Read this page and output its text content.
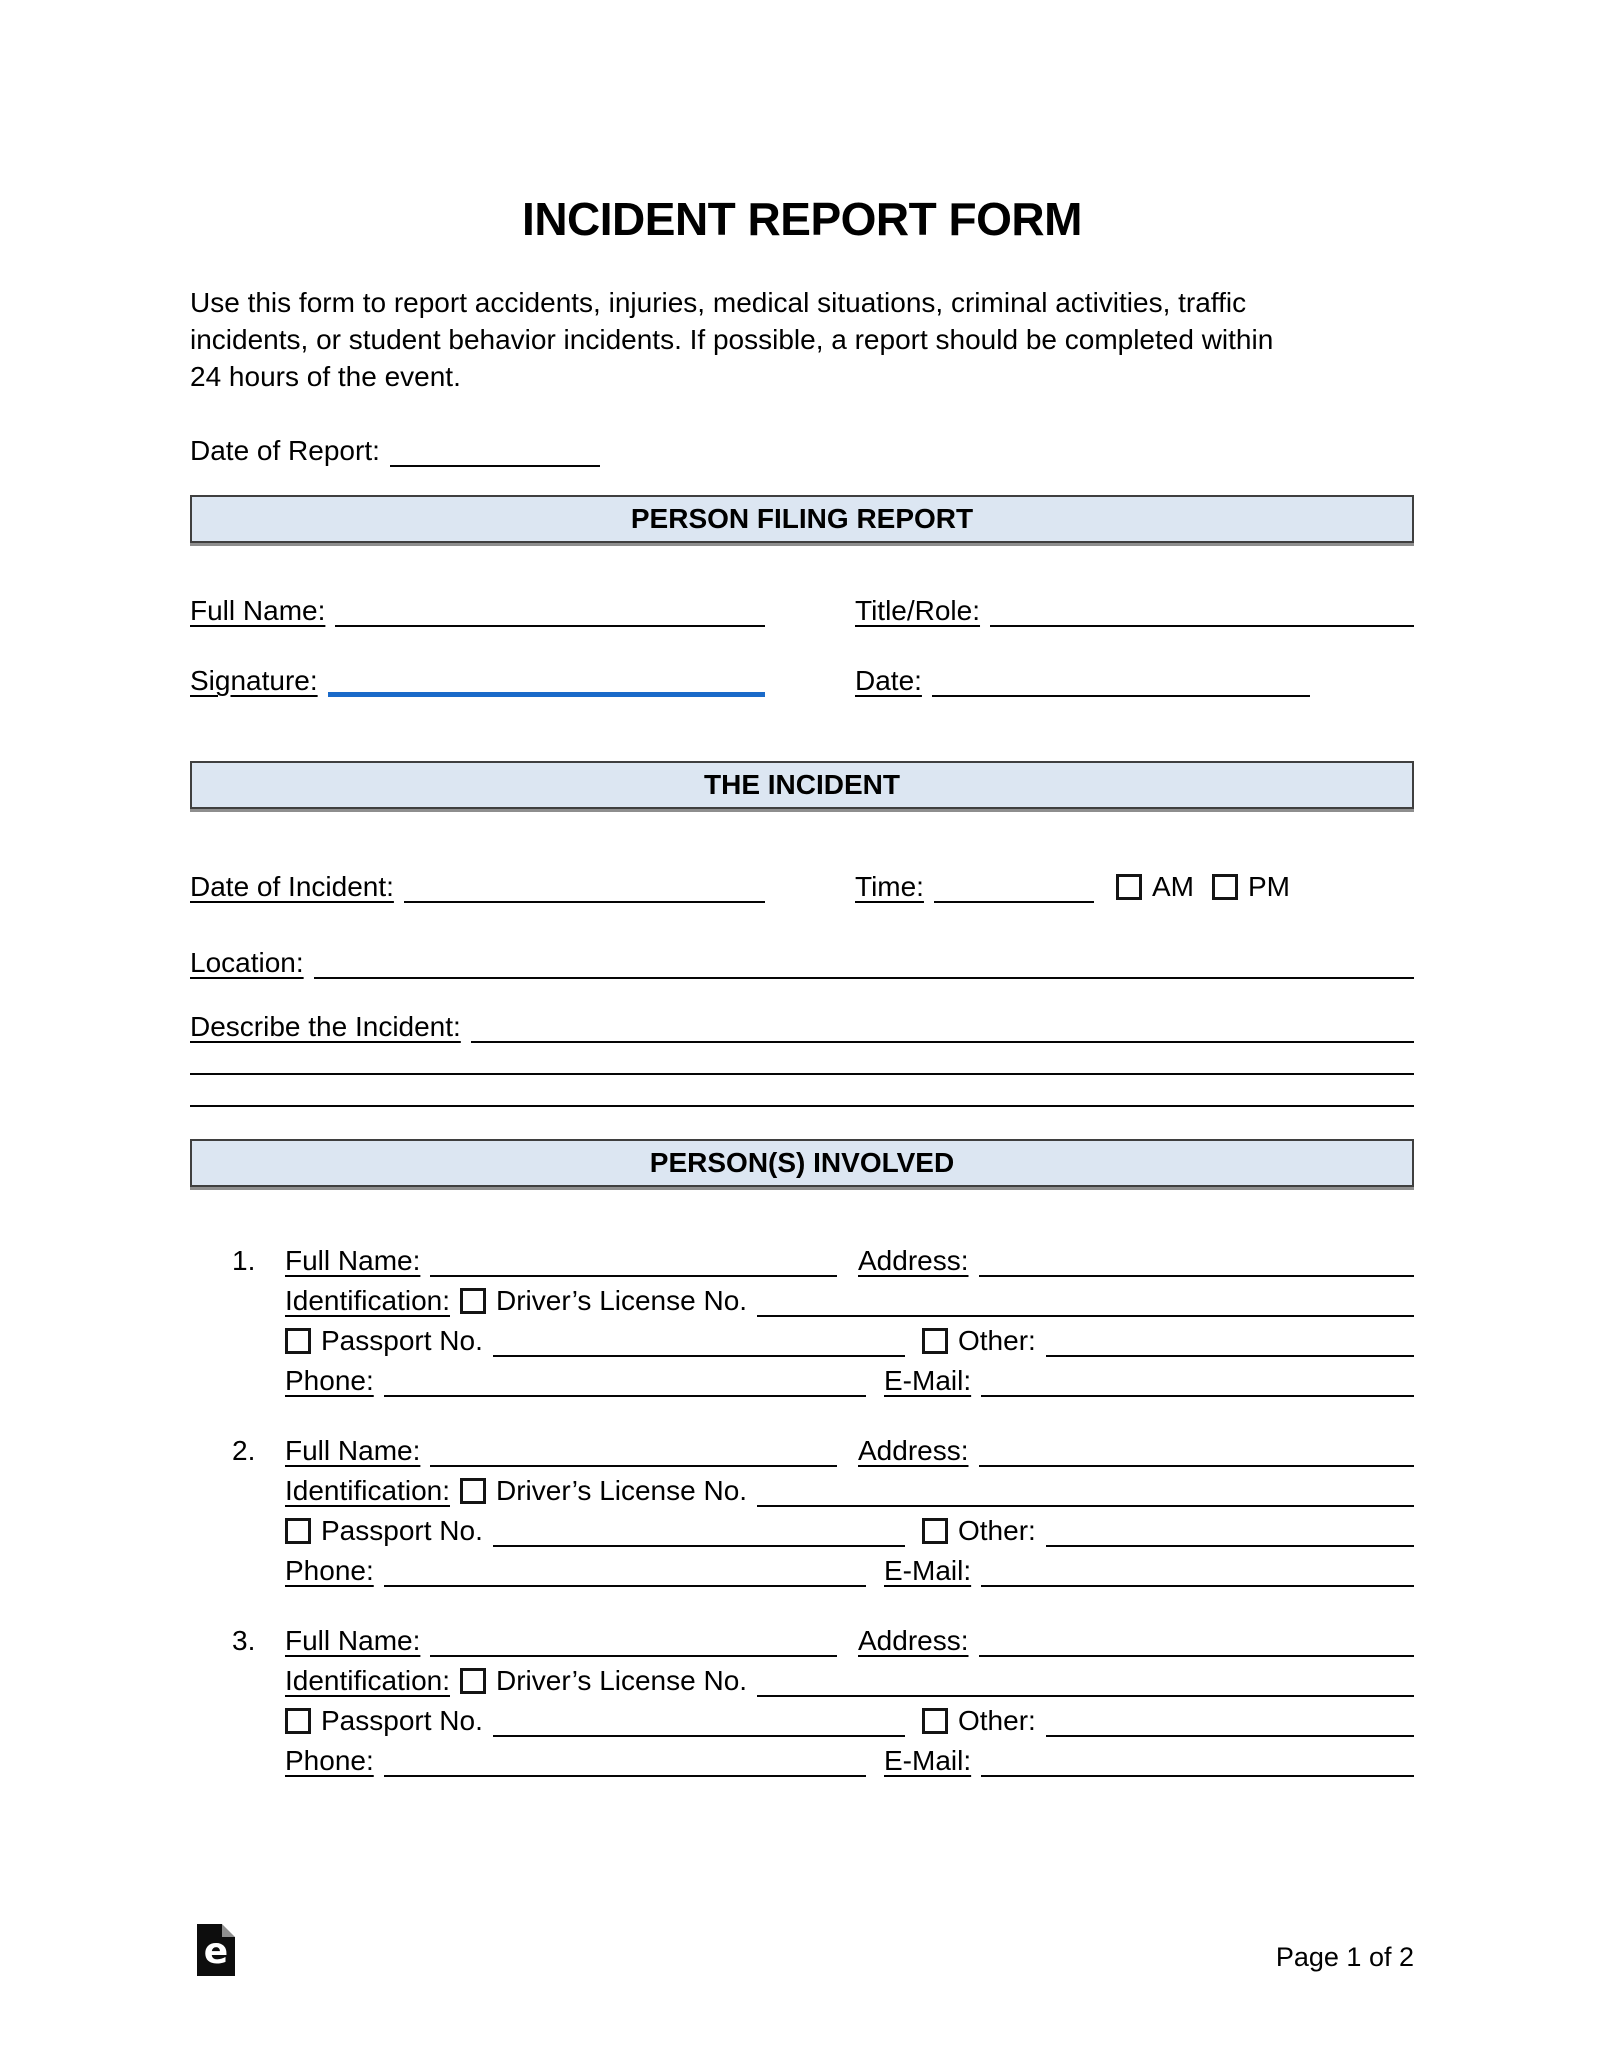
INCIDENT REPORT FORM
Use this form to report accidents, injuries, medical situations, criminal activities, traffic
incidents, or student behavior incidents. If possible, a report should be completed within
24 hours of the event.
Date of Report:
PERSON FILING REPORT
Full Name:	Title/Role:
Signature:	Date:
THE INCIDENT
Date of Incident:	Time:	AM PM
Location:
Describe the Incident:
PERSON(S) INVOLVED
1.	Full Name:	Address:
Identification: Driver’s License No.
Passport No.	Other:
Phone:	E-Mail:
2.	Full Name:	Address:
Identification: Driver’s License No.
Passport No.	Other:
Phone:	E-Mail:
3.	Full Name:	Address:
Identification: Driver’s License No.
Passport No.	Other:
Phone:	E-Mail:
e	Page 1 of 2
